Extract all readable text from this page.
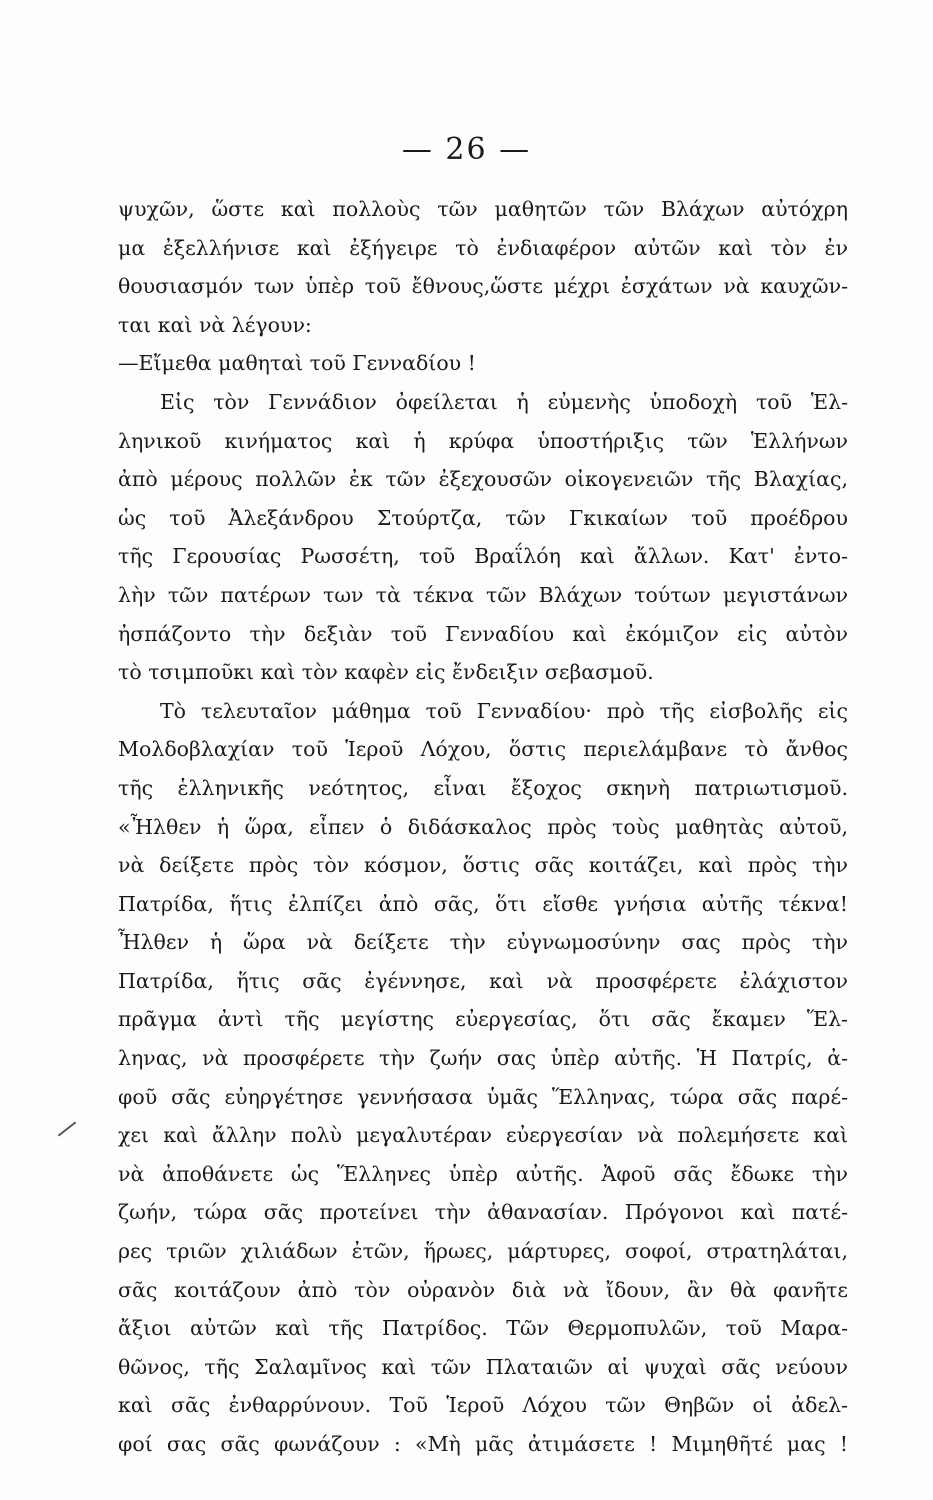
— 26 —
ψυχῶν, ὥστε καὶ πολλοὺς τῶν μαθητῶν τῶν Βλάχων αὐτόχρη
μα ἐξελλήνισε καὶ ἐξήγειρε τὸ ἐνδιαφέρον αὐτῶν καὶ τὸν ἐν
θουσιασμόν των ὑπὲρ τοῦ ἔθνους,ὥστε μέχρι ἐσχάτων νὰ καυχῶν-
ται καὶ νὰ λέγουν:
—Εἴμεθα μαθηταὶ τοῦ Γενναδίου !
Εἰς τὸν Γεννάδιον ὀφείλεται ἡ εὐμενὴς ὑποδοχὴ τοῦ Ἑλ-
ληνικοῦ κινήματος καὶ ἡ κρύφα ὑποστήριξις τῶν Ἑλλήνων
ἀπὸ μέρους πολλῶν ἐκ τῶν ἐξεχουσῶν οἰκογενειῶν τῆς Βλαχίας,
ὡς τοῦ Ἀλεξάνδρου Στούρτζα, τῶν Γκικαίων τοῦ προέδρου
τῆς Γερουσίας Ρωσσέτη, τοῦ Βραΐλόη καὶ ἄλλων. Κατ' ἐντο-
λὴν τῶν πατέρων των τὰ τέκνα τῶν Βλάχων τούτων μεγιστάνων
ἠσπάζοντο τὴν δεξιὰν τοῦ Γενναδίου καὶ ἐκόμιζον εἰς αὐτὸν
τὸ τσιμποῦκι καὶ τὸν καφὲν εἰς ἔνδειξιν σεβασμοῦ.
Τὸ τελευταῖον μάθημα τοῦ Γενναδίου· πρὸ τῆς εἰσβολῆς εἰς
Μολδοβλαχίαν τοῦ Ἱεροῦ Λόχου, ὅστις περιελάμβανε τὸ ἄνθος
τῆς ἑλληνικῆς νεότητος, εἶναι ἔξοχος σκηνὴ πατριωτισμοῦ.
«Ἦλθεν ἡ ὥρα, εἶπεν ὁ διδάσκαλος πρὸς τοὺς μαθητὰς αὐτοῦ,
νὰ δείξετε πρὸς τὸν κόσμον, ὅστις σᾶς κοιτάζει, καὶ πρὸς τὴν
Πατρίδα, ἥτις ἐλπίζει ἀπὸ σᾶς, ὅτι εἴσθε γνήσια αὐτῆς τέκνα!
Ἦλθεν ἡ ὥρα νὰ δείξετε τὴν εὐγνωμοσύνην σας πρὸς τὴν
Πατρίδα, ἥτις σᾶς ἐγέννησε, καὶ νὰ προσφέρετε ἐλάχιστον
πρᾶγμα ἀντὶ τῆς μεγίστης εὐεργεσίας, ὅτι σᾶς ἔκαμεν Ἕλ-
ληνας, νὰ προσφέρετε τὴν ζωήν σας ὑπὲρ αὐτῆς. Ἡ Πατρίς, ἀ-
φοῦ σᾶς εὐηργέτησε γεννήσασα ὑμᾶς Ἕλληνας, τώρα σᾶς παρέ-
χει καὶ ἄλλην πολὺ μεγαλυτέραν εὐεργεσίαν νὰ πολεμήσετε καὶ
νὰ ἀποθάνετε ὡς Ἕλληνες ὑπὲρ αὐτῆς. Ἀφοῦ σᾶς ἔδωκε τὴν
ζωήν, τώρα σᾶς προτείνει τὴν ἀθανασίαν. Πρόγονοι καὶ πατέ-
ρες τριῶν χιλιάδων ἐτῶν, ἥρωες, μάρτυρες, σοφοί, στρατηλάται,
σᾶς κοιτάζουν ἀπὸ τὸν οὐρανὸν διὰ νὰ ἴδουν, ἂν θὰ φανῆτε
ἄξιοι αὐτῶν καὶ τῆς Πατρίδος. Τῶν Θερμοπυλῶν, τοῦ Μαρα-
θῶνος, τῆς Σαλαμῖνος καὶ τῶν Πλαταιῶν αἱ ψυχαὶ σᾶς νεύουν
καὶ σᾶς ἐνθαρρύνουν. Τοῦ Ἱεροῦ Λόχου τῶν Θηβῶν οἱ ἀδελ-
φοί σας σᾶς φωνάζουν : «Μὴ μᾶς ἀτιμάσετε ! Μιμηθῆτέ μας !
